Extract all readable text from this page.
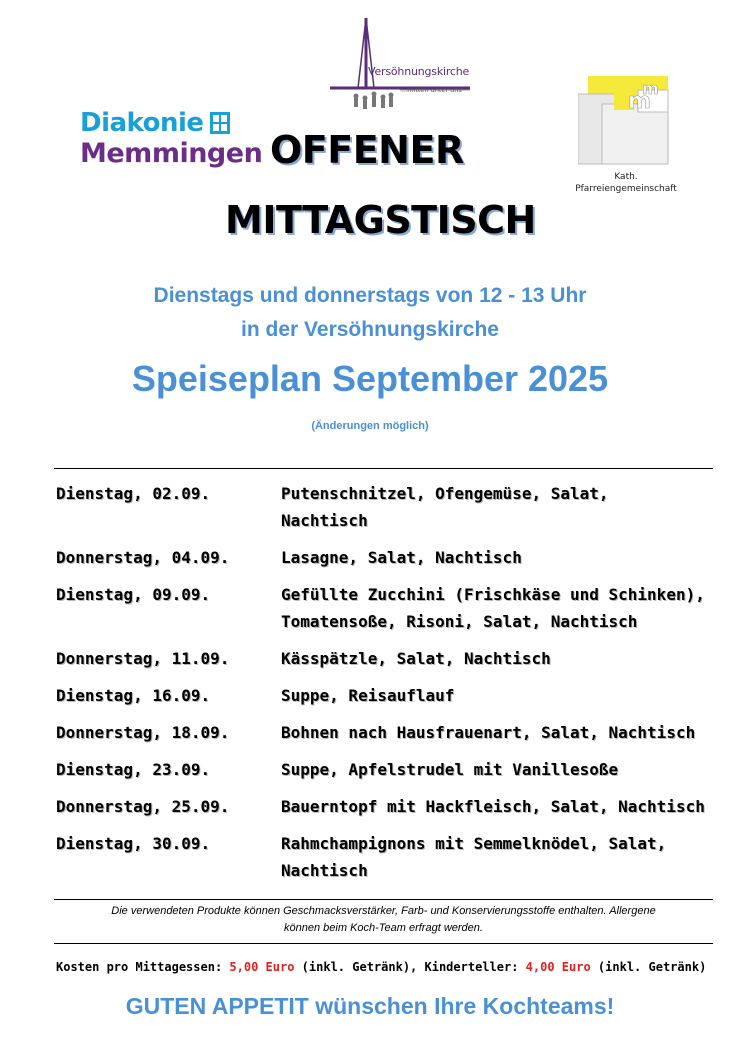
Diakonie
Memmingen
Versöhnungskirche
...mitten unter uns	m
m
Kath.
Pfarreiengemeinschaft
OFFENER
MITTAGSTISCH
Dienstags und donnerstags von 12 - 13 Uhr
in der Versöhnungskirche
Speiseplan September 2025
(Änderungen möglich)
Dienstag, 02.09.	Putenschnitzel, Ofengemüse, Salat,
Nachtisch
Donnerstag, 04.09.	Lasagne, Salat, Nachtisch
Dienstag, 09.09.	Gefüllte Zucchini (Frischkäse und Schinken),
Tomatensoße, Risoni, Salat, Nachtisch
Donnerstag, 11.09.	Kässpätzle, Salat, Nachtisch
Dienstag, 16.09.	Suppe, Reisauflauf
Donnerstag, 18.09.	Bohnen nach Hausfrauenart, Salat, Nachtisch
Dienstag, 23.09.	Suppe, Apfelstrudel mit Vanillesoße
Donnerstag, 25.09.	Bauerntopf mit Hackfleisch, Salat, Nachtisch
Dienstag, 30.09.	Rahmchampignons mit Semmelknödel, Salat,
Nachtisch
Die verwendeten Produkte können Geschmacksverstärker, Farb- und Konservierungsstoffe enthalten. Allergene
können beim Koch-Team erfragt werden.
Kosten pro Mittagessen: 5,00 Euro (inkl. Getränk), Kinderteller: 4,00 Euro (inkl. Getränk)
GUTEN APPETIT wünschen Ihre Kochteams!
